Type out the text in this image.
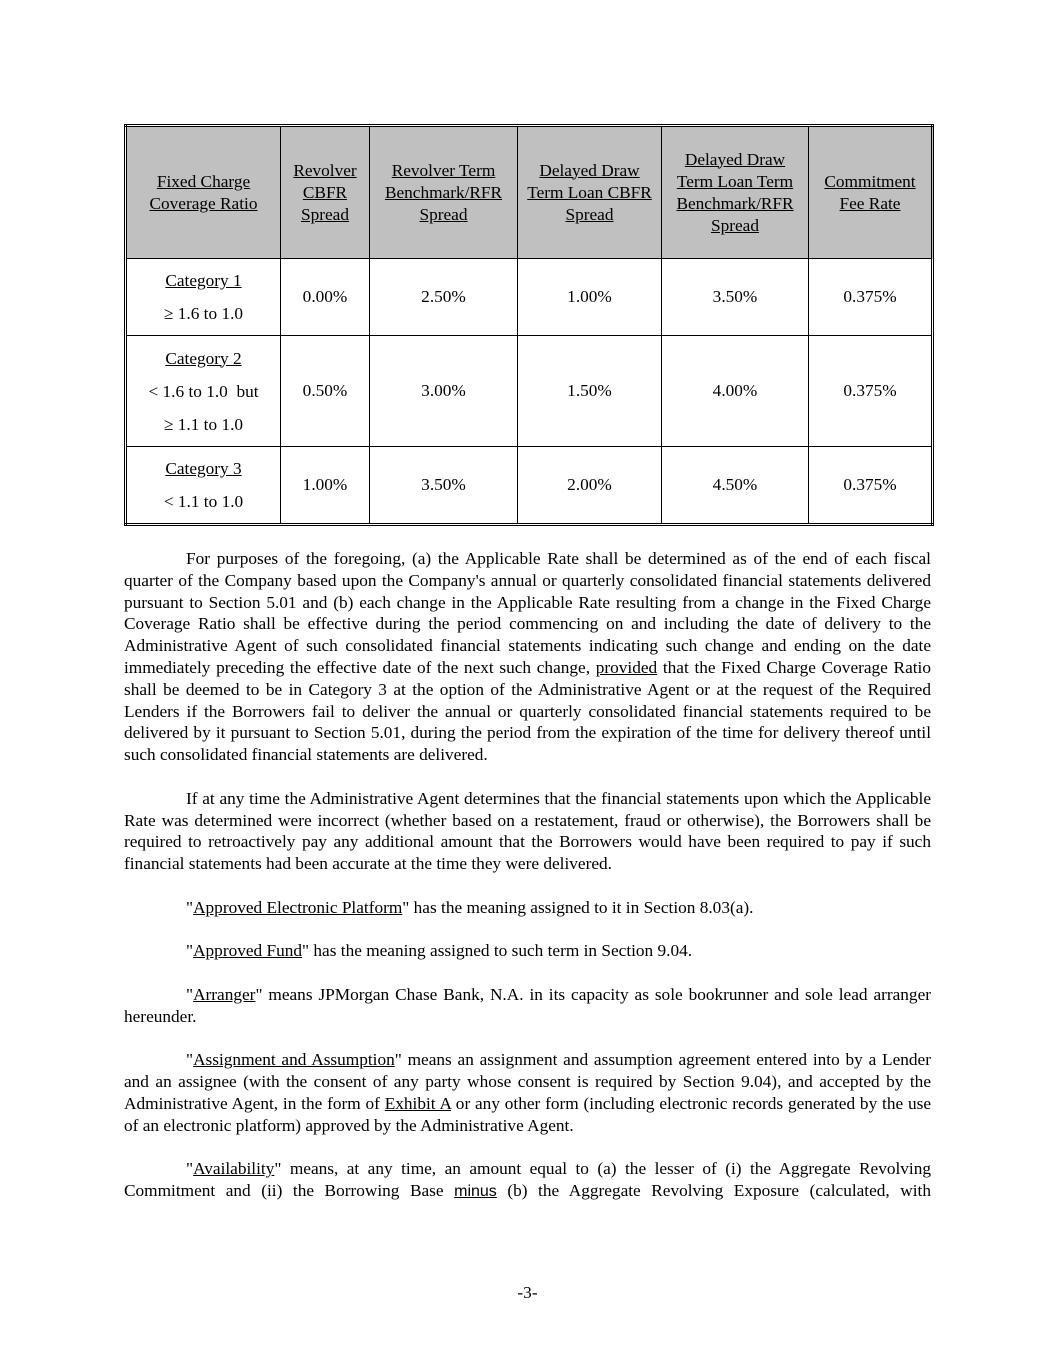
Fixed Charge Coverage Ratio	Revolver CBFR Spread	Revolver Term Benchmark/RFR Spread	Delayed Draw Term Loan CBFR Spread	Delayed Draw Term Loan Term Benchmark/RFR Spread	Commitment Fee Rate

Category 1
≥ 1.6 to 1.0	0.00%	2.50%	1.00%	3.50%	0.375%

Category 2
< 1.6 to 1.0  but
≥ 1.1 to 1.0	0.50%	3.00%	1.50%	4.00%	0.375%

Category 3
< 1.1 to 1.0	1.00%	3.50%	2.00%	4.50%	0.375%

For purposes of the foregoing, (a) the Applicable Rate shall be determined as of the end of each fiscal quarter of the Company based upon the Company's annual or quarterly consolidated financial statements delivered pursuant to Section 5.01 and (b) each change in the Applicable Rate resulting from a change in the Fixed Charge Coverage Ratio shall be effective during the period commencing on and including the date of delivery to the Administrative Agent of such consolidated financial statements indicating such change and ending on the date immediately preceding the effective date of the next such change, provided that the Fixed Charge Coverage Ratio shall be deemed to be in Category 3 at the option of the Administrative Agent or at the request of the Required Lenders if the Borrowers fail to deliver the annual or quarterly consolidated financial statements required to be delivered by it pursuant to Section 5.01, during the period from the expiration of the time for delivery thereof until such consolidated financial statements are delivered.

If at any time the Administrative Agent determines that the financial statements upon which the Applicable Rate was determined were incorrect (whether based on a restatement, fraud or otherwise), the Borrowers shall be required to retroactively pay any additional amount that the Borrowers would have been required to pay if such financial statements had been accurate at the time they were delivered.

"Approved Electronic Platform" has the meaning assigned to it in Section 8.03(a).

"Approved Fund" has the meaning assigned to such term in Section 9.04.

"Arranger" means JPMorgan Chase Bank, N.A. in its capacity as sole bookrunner and sole lead arranger hereunder.

"Assignment and Assumption" means an assignment and assumption agreement entered into by a Lender and an assignee (with the consent of any party whose consent is required by Section 9.04), and accepted by the Administrative Agent, in the form of Exhibit A or any other form (including electronic records generated by the use of an electronic platform) approved by the Administrative Agent.

"Availability" means, at any time, an amount equal to (a) the lesser of (i) the Aggregate Revolving Commitment and (ii) the Borrowing Base minus (b) the Aggregate Revolving Exposure (calculated, with

-3-
